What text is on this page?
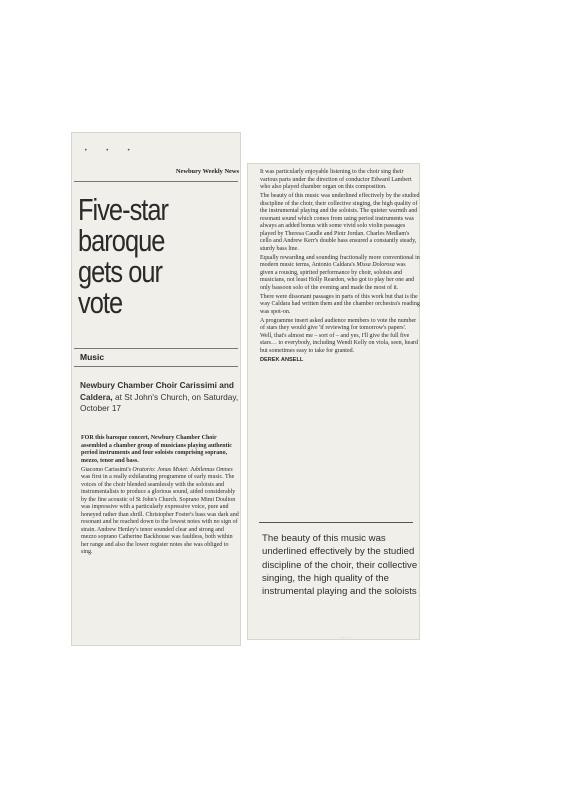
• • •
Newbury Weekly News
Five-star
baroque
gets our
vote
Music
Newbury Chamber Choir Carissimi and Caldera, at St John's Church, on Saturday, October 17

FOR this baroque concert, Newbury Chamber Choir assembled a chamber group of musicians playing authentic period instruments and four soloists comprising soprano, mezzo, tenor and bass.

Giacomo Carissimi's Oratorio: Jonas Motet: Jubilemus Omnes was first in a really exhilarating programme of early music. The voices of the choir blended seamlessly with the soloists and instrumentalists to produce a glorious sound, aided considerably by the fine acoustic of St John's Church. Soprano Mimi Doulton was impressive with a particularly expressive voice, pure and honeyed rather than shrill. Christopher Foster's bass was dark and resonant and he reached down to the lowest notes with no sign of strain. Andrew Henley's tenor sounded clear and strong and mezzo soprano Catherine Backhouse was faultless, both within her range and also the lower register notes she was obliged to sing.

It was particularly enjoyable listening to the choir sing their various parts under the direction of conductor Edward Lambert who also played chamber organ on this composition.

The beauty of this music was underlined effectively by the studied discipline of the choir, their collective singing, the high quality of the instrumental playing and the soloists. The quieter warmth and resonant sound which comes from using period instruments was always an added bonus with some vivid solo violin passages played by Theresa Caudle and Piotr Jordan. Charles Medlam's cello and Andrew Kerr's double bass ensured a constantly steady, sturdy bass line.

Equally rewarding and sounding fractionally more conventional in modern music terms, Antonio Caldara's Missa Dolorosa was given a rousing, spirited performance by choir, soloists and musicians, not least Holly Reardon, who got to play her one and only bassoon solo of the evening and made the most of it.

There were dissonant passages in parts of this work but that is the way Caldara had written them and the chamber orchestra's reading was spot-on.

A programme insert asked audience members to vote the number of stars they would give 'if reviewing for tomorrow's papers'. Well, that's almost me – sort of – and yes, I'll give the full five stars… to everybody, including Wendi Kelly on viola, seen, heard but sometimes easy to take for granted.

DEREK ANSELL
The beauty of this music was underlined effectively by the studied discipline of the choir, their collective singing, the high quality of the instrumental playing and the soloists
· · · ·
